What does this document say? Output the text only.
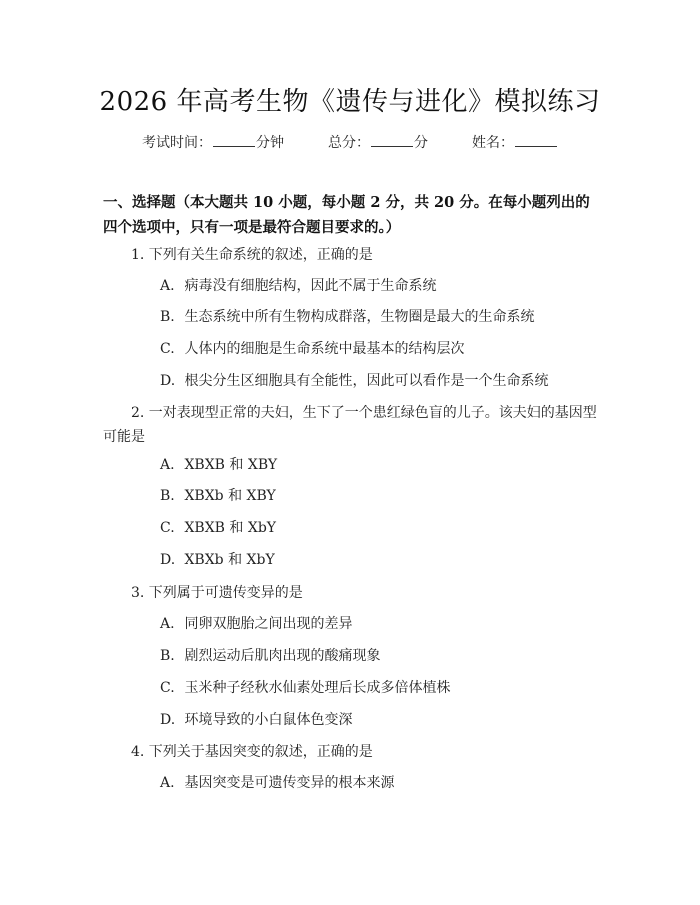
2026 年高考生物《遗传与进化》模拟练习
考试时间：	分钟	总分：	分	姓名：
一、选择题（本大题共 10 小题，每小题 2 分，共 20 分。在每小题列出的四个选项中，只有一项是最符合题目要求的。）
1. 下列有关生命系统的叙述，正确的是
A. 病毒没有细胞结构，因此不属于生命系统
B. 生态系统中所有生物构成群落，生物圈是最大的生命系统
C. 人体内的细胞是生命系统中最基本的结构层次
D. 根尖分生区细胞具有全能性，因此可以看作是一个生命系统
2. 一对表现型正常的夫妇，生下了一个患红绿色盲的儿子。该夫妇的基因型可能是
A. XBXB 和 XBY
B. XBXb 和 XBY
C. XBXB 和 XbY
D. XBXb 和 XbY
3. 下列属于可遗传变异的是
A. 同卵双胞胎之间出现的差异
B. 剧烈运动后肌肉出现的酸痛现象
C. 玉米种子经秋水仙素处理后长成多倍体植株
D. 环境导致的小白鼠体色变深
4. 下列关于基因突变的叙述，正确的是
A. 基因突变是可遗传变异的根本来源
